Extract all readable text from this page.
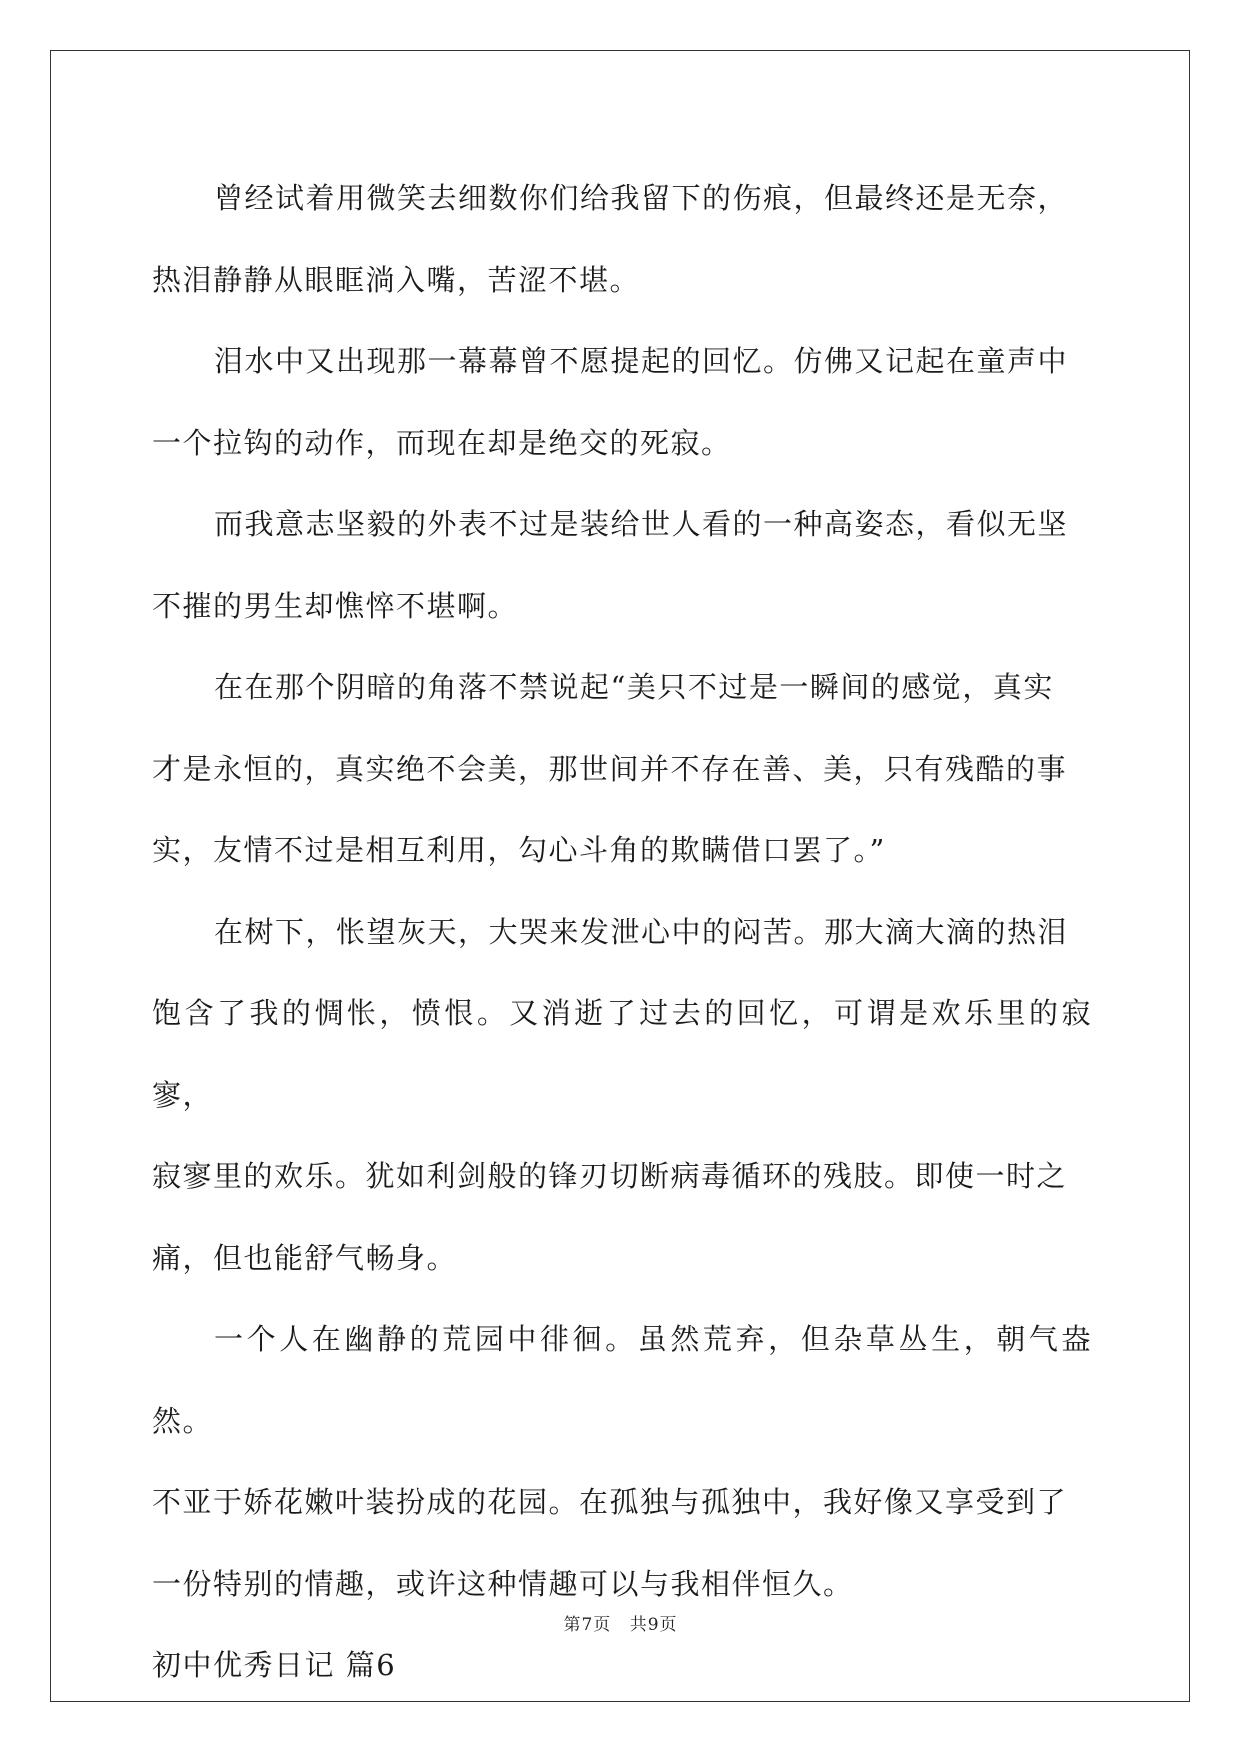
曾经试着用微笑去细数你们给我留下的伤痕，但最终还是无奈，
热泪静静从眼眶淌入嘴，苦涩不堪。

泪水中又出现那一幕幕曾不愿提起的回忆。仿佛又记起在童声中
一个拉钩的动作，而现在却是绝交的死寂。

而我意志坚毅的外表不过是装给世人看的一种高姿态，看似无坚
不摧的男生却憔悴不堪啊。

在在那个阴暗的角落不禁说起“美只不过是一瞬间的感觉，真实
才是永恒的，真实绝不会美，那世间并不存在善、美，只有残酷的事
实，友情不过是相互利用，勾心斗角的欺瞒借口罢了。”

在树下，怅望灰天，大哭来发泄心中的闷苦。那大滴大滴的热泪
饱含了我的惆怅，愤恨。又消逝了过去的回忆，可谓是欢乐里的寂寥，
寂寥里的欢乐。犹如利剑般的锋刃切断病毒循环的残肢。即使一时之
痛，但也能舒气畅身。

一个人在幽静的荒园中徘徊。虽然荒弃，但杂草丛生，朝气盎然。
不亚于娇花嫩叶装扮成的花园。在孤独与孤独中，我好像又享受到了
一份特别的情趣，或许这种情趣可以与我相伴恒久。

初中优秀日记 篇6

第7页 共9页
